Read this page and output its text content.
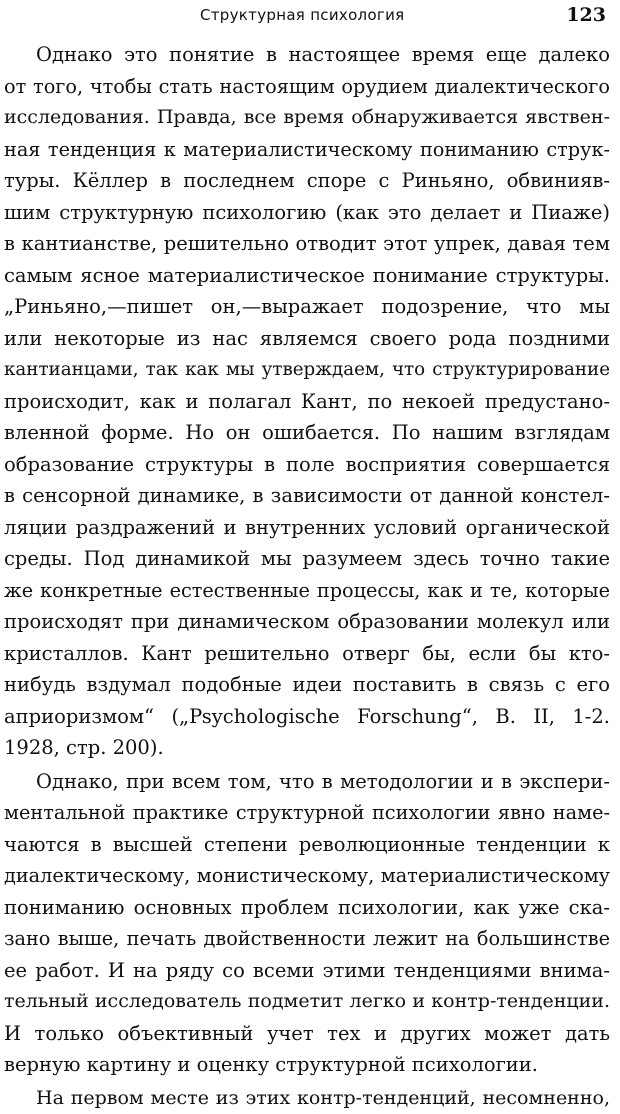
Структурная психология	123
Однако это понятие в настоящее время еще далеко
от того, чтобы стать настоящим орудием диалектического
исследования. Правда, все время обнаруживается явствен-
ная тенденция к материалистическому пониманию струк-
туры. Кёллер в последнем споре с Риньяно, обвинияв-
шим структурную психологию (как это делает и Пиаже)
в кантианстве, решительно отводит этот упрек, давая тем
самым ясное материалистическое понимание структуры.
„Риньяно,—пишет он,—выражает подозрение, что мы
или некоторые из нас являемся своего рода поздними
кантианцами, так как мы утверждаем, что структурирование
происходит, как и полагал Кант, по некоей предустано-
вленной форме. Но он ошибается. По нашим взглядам
образование структуры в поле восприятия совершается
в сенсорной динамике, в зависимости от данной констел-
ляции раздражений и внутренних условий органической
среды. Под динамикой мы разумеем здесь точно такие
же конкретные естественные процессы, как и те, которые
происходят при динамическом образовании молекул или
кристаллов. Кант решительно отверг бы, если бы кто-
нибудь вздумал подобные идеи поставить в связь с его
априоризмом“ („Psychologische Forschung“, B. II, 1-2.
1928, стр. 200).
Однако, при всем том, что в методологии и в экспери-
ментальной практике структурной психологии явно наме-
чаются в высшей степени революционные тенденции к
диалектическому, монистическому, материалистическому
пониманию основных проблем психологии, как уже ска-
зано выше, печать двойственности лежит на большинстве
ее работ. И на ряду со всеми этими тенденциями внима-
тельный исследователь подметит легко и контр-тенденции.
И только объективный учет тех и других может дать
верную картину и оценку структурной психологии.
На первом месте из этих контр-тенденций, несомненно,
